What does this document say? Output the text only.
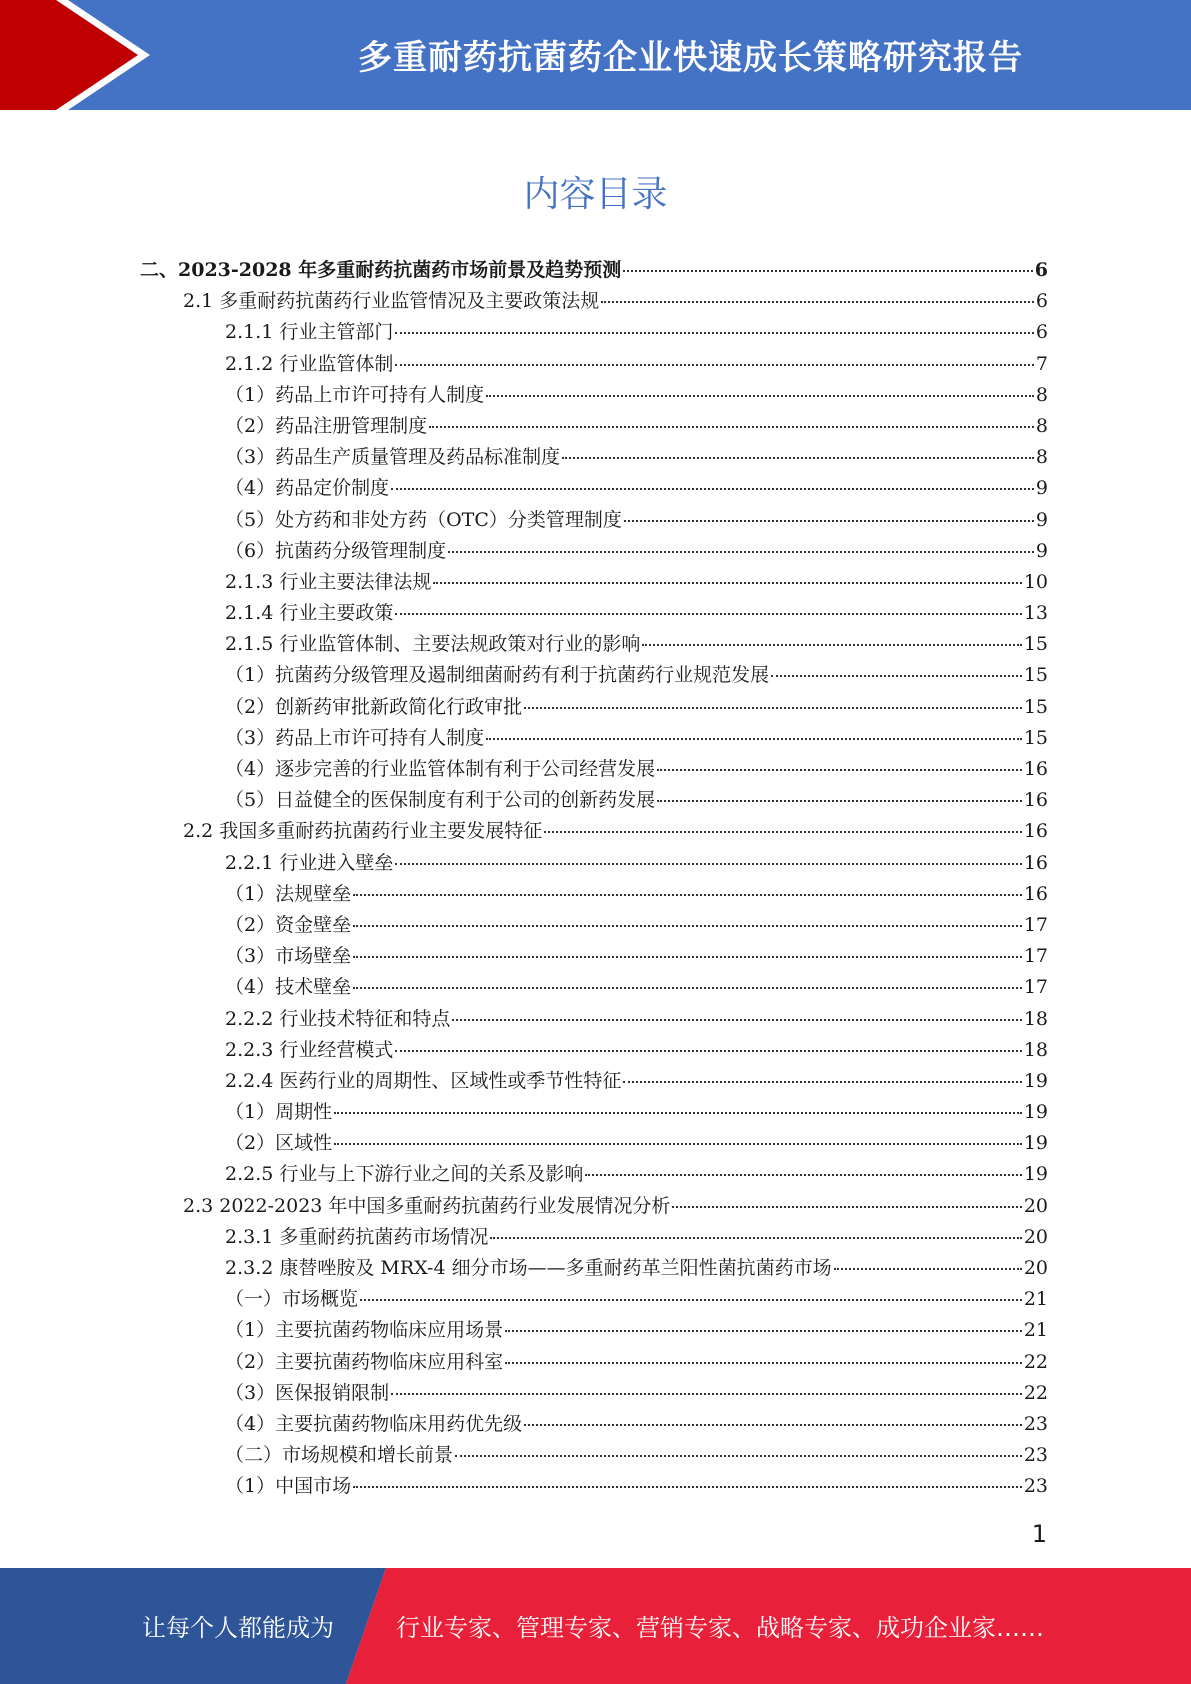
多重耐药抗菌药企业快速成长策略研究报告
内容目录
二、2023-2028 年多重耐药抗菌药市场前景及趋势预测	6
2.1 多重耐药抗菌药行业监管情况及主要政策法规	6
2.1.1 行业主管部门	6
2.1.2 行业监管体制	7
（1）药品上市许可持有人制度	8
（2）药品注册管理制度	8
（3）药品生产质量管理及药品标准制度	8
（4）药品定价制度	9
（5）处方药和非处方药（OTC）分类管理制度	9
（6）抗菌药分级管理制度	9
2.1.3 行业主要法律法规	10
2.1.4 行业主要政策	13
2.1.5 行业监管体制、主要法规政策对行业的影响	15
（1）抗菌药分级管理及遏制细菌耐药有利于抗菌药行业规范发展	15
（2）创新药审批新政简化行政审批	15
（3）药品上市许可持有人制度	15
（4）逐步完善的行业监管体制有利于公司经营发展	16
（5）日益健全的医保制度有利于公司的创新药发展	16
2.2 我国多重耐药抗菌药行业主要发展特征	16
2.2.1 行业进入壁垒	16
（1）法规壁垒	16
（2）资金壁垒	17
（3）市场壁垒	17
（4）技术壁垒	17
2.2.2 行业技术特征和特点	18
2.2.3 行业经营模式	18
2.2.4 医药行业的周期性、区域性或季节性特征	19
（1）周期性	19
（2）区域性	19
2.2.5 行业与上下游行业之间的关系及影响	19
2.3 2022-2023 年中国多重耐药抗菌药行业发展情况分析	20
2.3.1 多重耐药抗菌药市场情况	20
2.3.2 康替唑胺及 MRX-4 细分市场——多重耐药革兰阳性菌抗菌药市场	20
（一）市场概览	21
（1）主要抗菌药物临床应用场景	21
（2）主要抗菌药物临床应用科室	22
（3）医保报销限制	22
（4）主要抗菌药物临床用药优先级	23
（二）市场规模和增长前景	23
（1）中国市场	23
1
让每个人都能成为	行业专家、管理专家、营销专家、战略专家、成功企业家……
